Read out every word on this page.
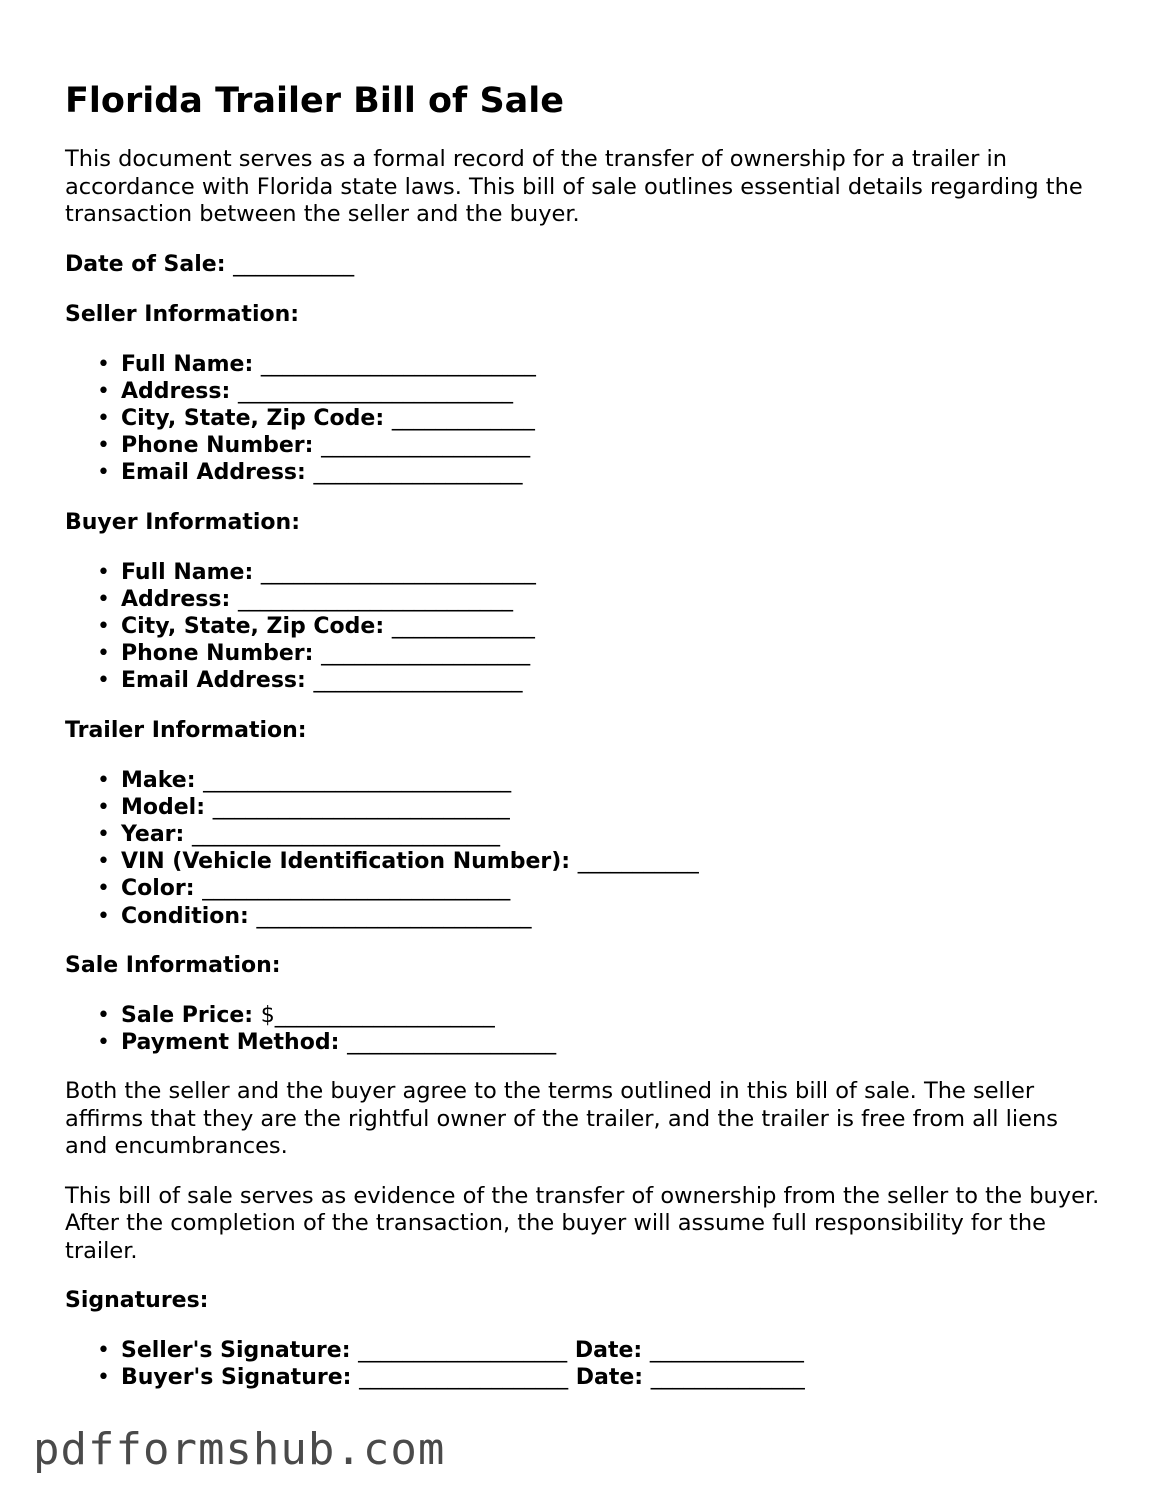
Florida Trailer Bill of Sale

This document serves as a formal record of the transfer of ownership for a trailer in accordance with Florida state laws. This bill of sale outlines essential details regarding the transaction between the seller and the buyer.

Date of Sale: ___________
Seller Information:
• Full Name: _________________________
• Address: _________________________
• City, State, Zip Code: _____________
• Phone Number: ___________________
• Email Address: ___________________
Buyer Information:
• Full Name: _________________________
• Address: _________________________
• City, State, Zip Code: _____________
• Phone Number: ___________________
• Email Address: ___________________
Trailer Information:
• Make: ____________________________
• Model: ___________________________
• Year: ____________________________
• VIN (Vehicle Identification Number): ___________
• Color: ____________________________
• Condition: _________________________
Sale Information:
• Sale Price: $____________________
• Payment Method: ___________________

Both the seller and the buyer agree to the terms outlined in this bill of sale. The seller affirms that they are the rightful owner of the trailer, and the trailer is free from all liens and encumbrances.

This bill of sale serves as evidence of the transfer of ownership from the seller to the buyer. After the completion of the transaction, the buyer will assume full responsibility for the trailer.

Signatures:
• Seller's Signature: ___________________ Date: ______________
• Buyer's Signature: ___________________ Date: ______________
pdfformshub.com
